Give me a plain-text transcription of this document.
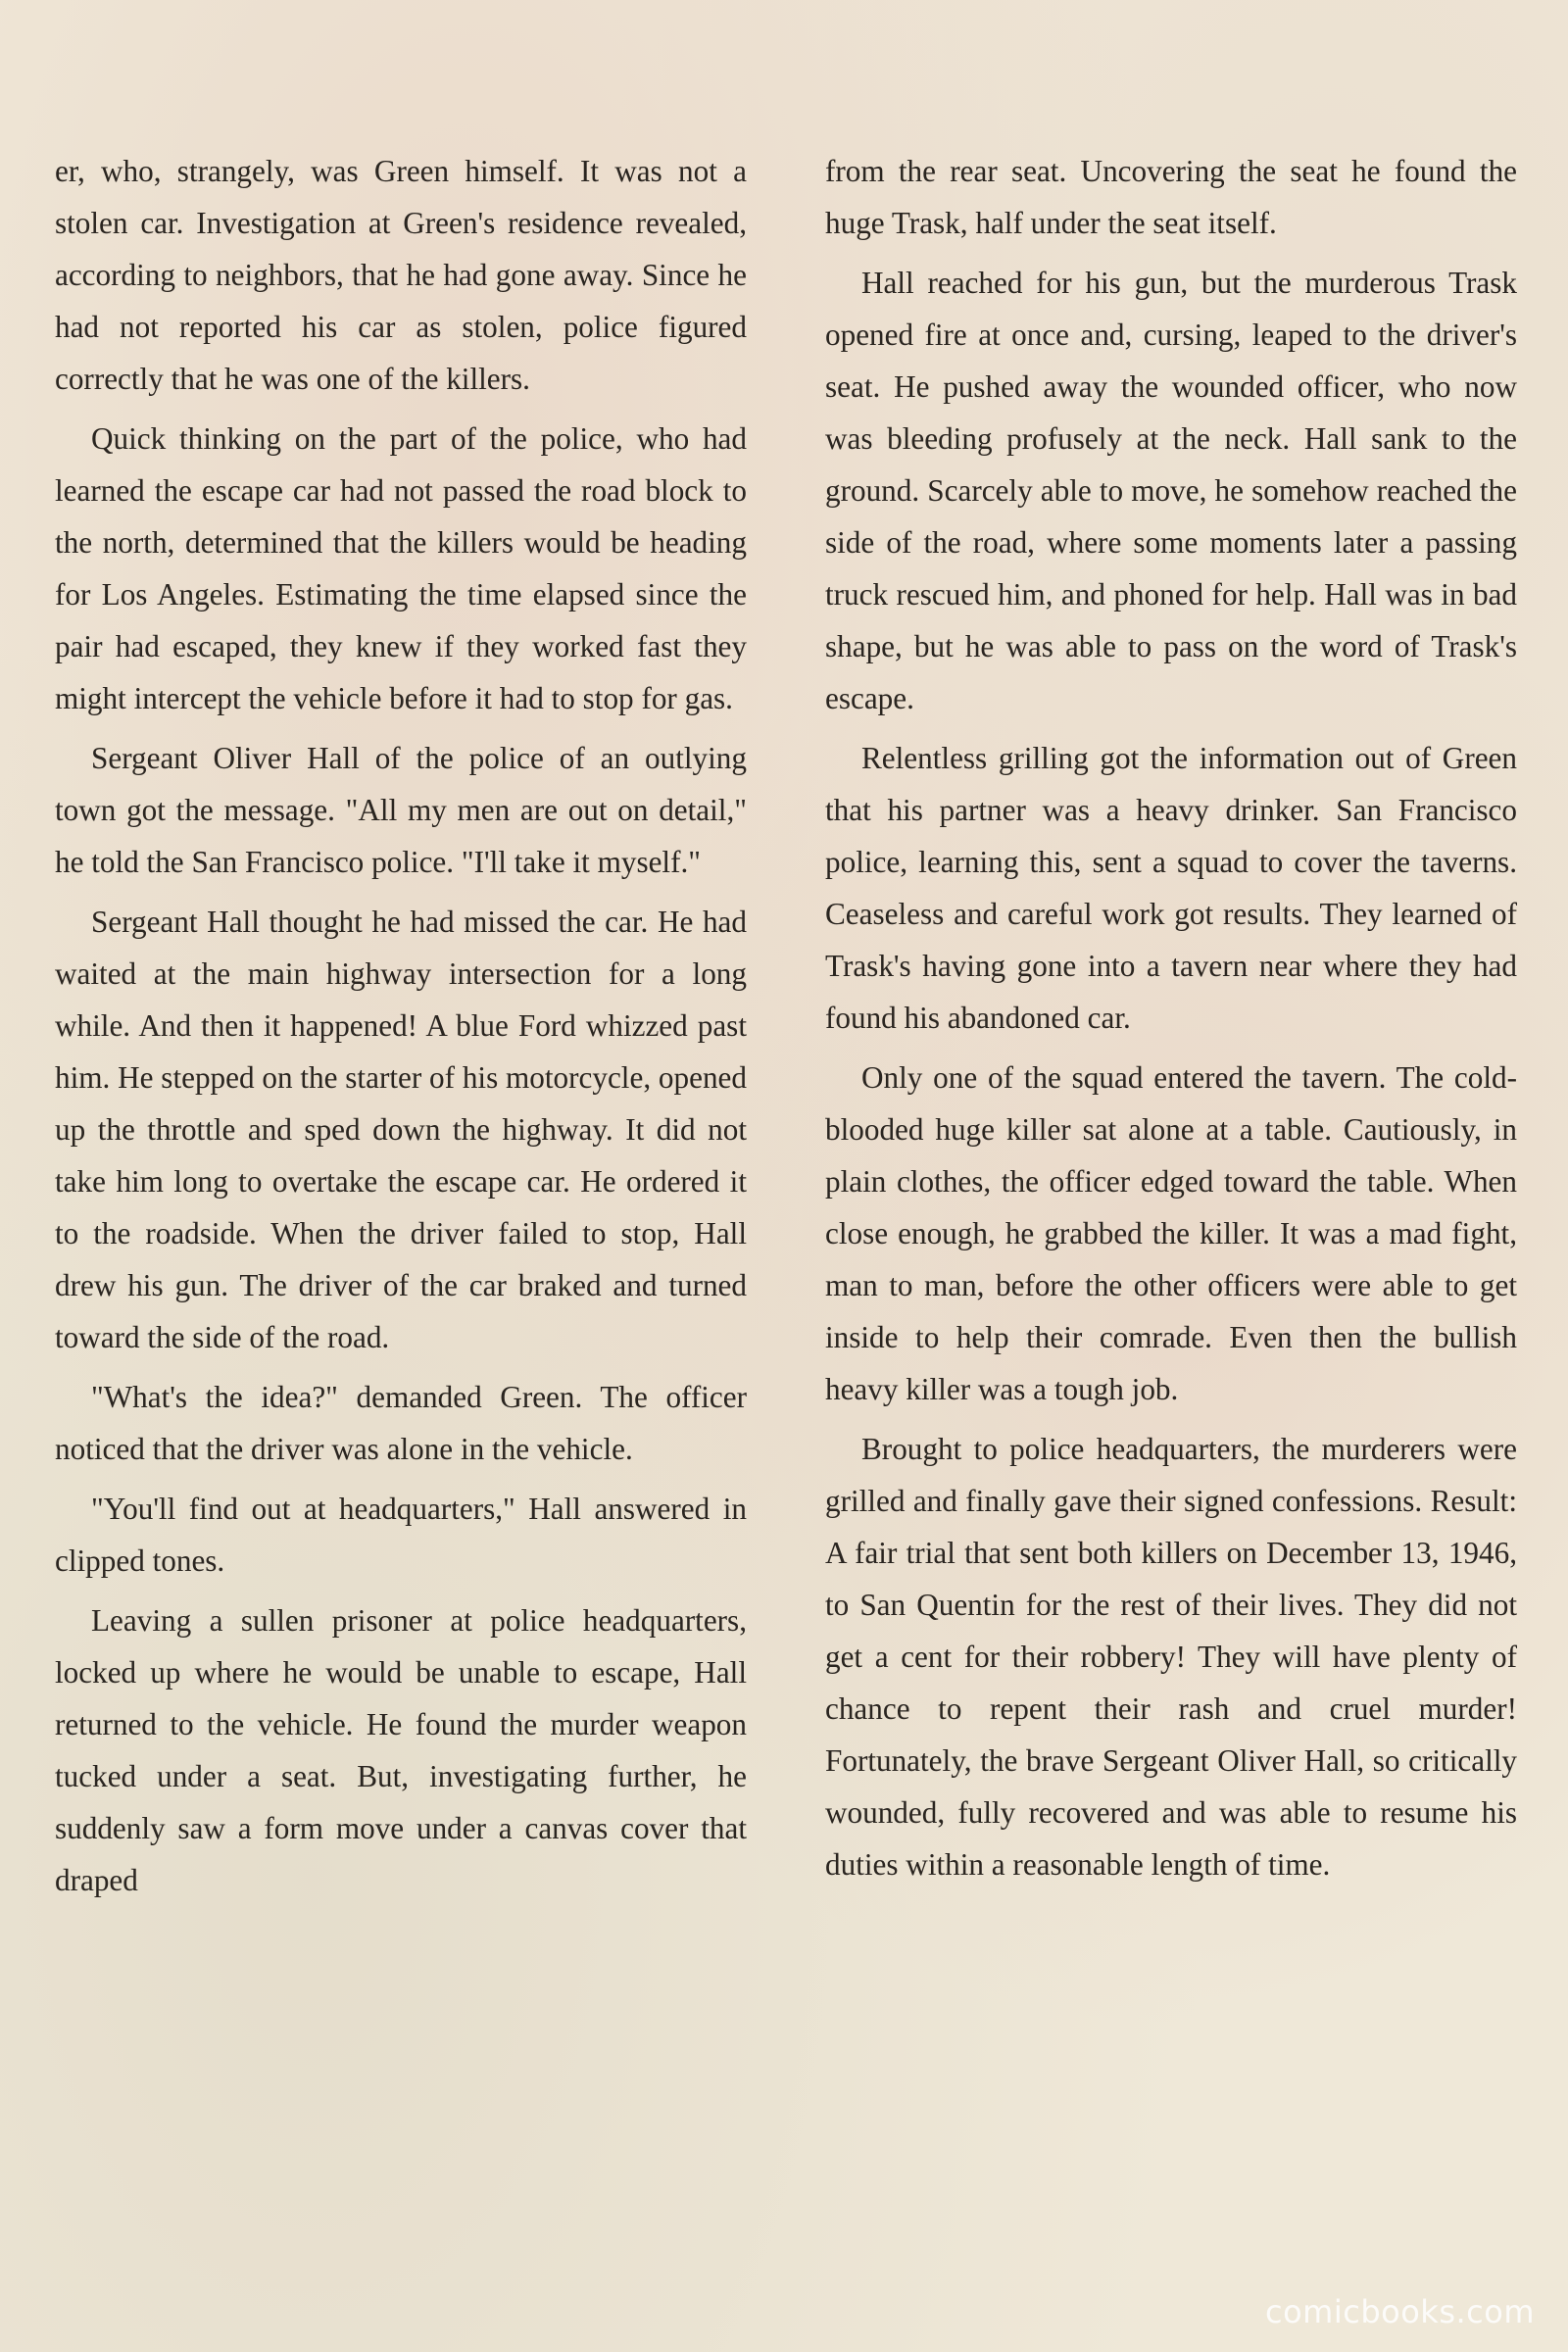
er, who, strangely, was Green himself. It was not a stolen car. Investigation at Green's residence revealed, according to neighbors, that he had gone away. Since he had not reported his car as stolen, police figured correctly that he was one of the killers.

Quick thinking on the part of the police, who had learned the escape car had not passed the road block to the north, determined that the killers would be heading for Los Angeles. Estimating the time elapsed since the pair had escaped, they knew if they worked fast they might intercept the vehicle before it had to stop for gas.

Sergeant Oliver Hall of the police of an outlying town got the message. "All my men are out on detail," he told the San Francisco police. "I'll take it myself."

Sergeant Hall thought he had missed the car. He had waited at the main highway intersection for a long while. And then it happened! A blue Ford whizzed past him. He stepped on the starter of his motorcycle, opened up the throttle and sped down the highway. It did not take him long to overtake the escape car. He ordered it to the roadside. When the driver failed to stop, Hall drew his gun. The driver of the car braked and turned toward the side of the road.

"What's the idea?" demanded Green. The officer noticed that the driver was alone in the vehicle.

"You'll find out at headquarters," Hall answered in clipped tones.

Leaving a sullen prisoner at police headquarters, locked up where he would be unable to escape, Hall returned to the vehicle. He found the murder weapon tucked under a seat. But, investigating further, he suddenly saw a form move under a canvas cover that draped

from the rear seat. Uncovering the seat he found the huge Trask, half under the seat itself.

Hall reached for his gun, but the murderous Trask opened fire at once and, cursing, leaped to the driver's seat. He pushed away the wounded officer, who now was bleeding profusely at the neck. Hall sank to the ground. Scarcely able to move, he somehow reached the side of the road, where some moments later a passing truck rescued him, and phoned for help. Hall was in bad shape, but he was able to pass on the word of Trask's escape.

Relentless grilling got the information out of Green that his partner was a heavy drinker. San Francisco police, learning this, sent a squad to cover the taverns. Ceaseless and careful work got results. They learned of Trask's having gone into a tavern near where they had found his abandoned car.

Only one of the squad entered the tavern. The cold-blooded huge killer sat alone at a table. Cautiously, in plain clothes, the officer edged toward the table. When close enough, he grabbed the killer. It was a mad fight, man to man, before the other officers were able to get inside to help their comrade. Even then the bullish heavy killer was a tough job.

Brought to police headquarters, the murderers were grilled and finally gave their signed confessions. Result: A fair trial that sent both killers on December 13, 1946, to San Quentin for the rest of their lives. They did not get a cent for their robbery! They will have plenty of chance to repent their rash and cruel murder! Fortunately, the brave Sergeant Oliver Hall, so critically wounded, fully recovered and was able to resume his duties within a reasonable length of time.

comicbooks.com
